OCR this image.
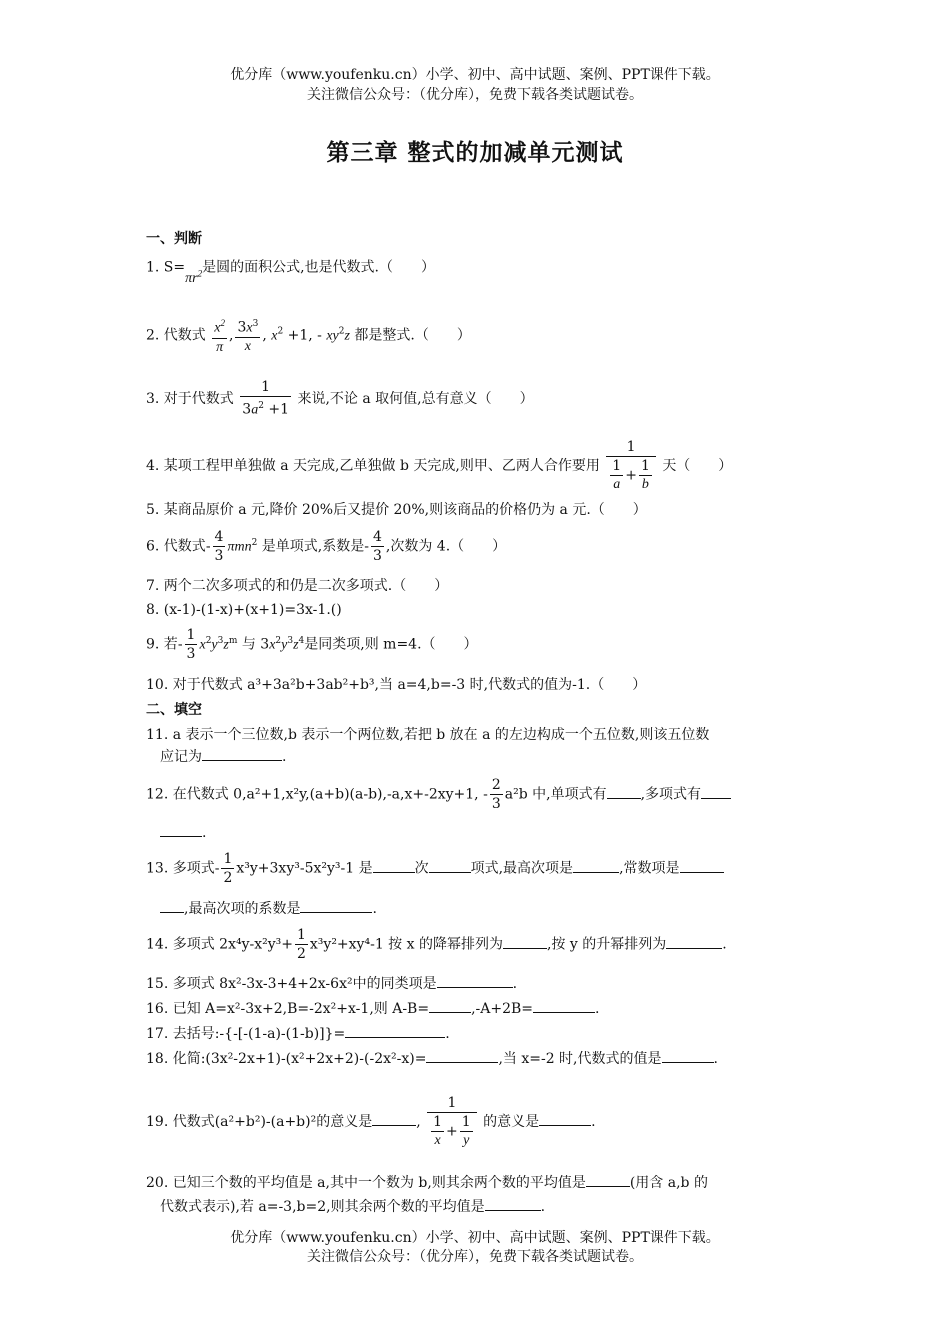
优分库（www.youfenku.cn）小学、初中、高中试题、案例、PPT课件下载。
关注微信公众号：（优分库），免费下载各类试题试卷。
第三章 整式的加减单元测试
一、判断
1. $S=\pi r^2$是圆的面积公式,也是代数式.（　　）
2. 代数式 $\frac{x^2}{\pi}$ , $\frac{3x^3}{x}$ , $x^2 +1$, - $xy^2z$ 都是整式.（　　）
3. 对于代数式 $\frac{1}{3a^2 +1}$ 来说,不论 a 取何值,总有意义（　　）
4. 某项工程甲单独做 a 天完成,乙单独做 b 天完成,则甲、乙两人合作要用 $\frac{1}{\frac{1}{a} + \frac{1}{b}}$ 天（　　）
5. 某商品原价 a 元,降价 20%后又提价 20%,则该商品的价格仍为 a 元.（　　）
6. 代数式- $\frac{4}{3} \pi mn^2$ 是单项式,系数是- $\frac{4}{3}$ ,次数为 4.（　　）
7. 两个二次多项式的和仍是二次多项式.（　　）
8. (x-1)-(1-x)+(x+1)=3x-1.()
9. 若- $\frac{1}{3} x^2y^3z^m$ 与 $3x^2y^3z^4$是同类项,则 m=4.（　　）
10. 对于代数式 a³+3a²b+3ab²+b³,当 a=4,b=-3 时,代数式的值为-1.（　　）
二、填空
11. a 表示一个三位数,b 表示一个两位数,若把 b 放在 a 的左边构成一个五位数,则该五位数
应记为	.
12. 在代数式 0,a²+1,x²y,(a+b)(a-b),-a,x+-2xy+1, - $\frac{2}{3} a^2b$ 中,单项式有 ,多项式有
.
13. 多项式- $\frac{1}{2} x^3y+3xy^3-5x^2y^3-1$ 是	次	项式,最高次项是	,常数项是
,最高次项的系数是	.
14. 多项式 $2x^4y-x^2y^3+ \frac{1}{2} x^3y^2+xy^4-1$ 按 x 的降幂排列为	,按 y 的升幂排列为	.
15. 多项式 8x²-3x-3+4+2x-6x²中的同类项是	.
16. 已知 A=x²-3x+2,B=-2x²+x-1,则 A-B=	,-A+2B=	.
17. 去括号:-{-[-(1-a)-(1-b)]}=	.
18. 化简:(3x²-2x+1)-(x²+2x+2)-(-2x²-x)=	,当 x=-2 时,代数式的值是	.
19. 代数式(a²+b²)-(a+b)²的意义是	, $\frac{1}{\frac{1}{x} + \frac{1}{y}}$ 的意义是	.
20. 已知三个数的平均值是 a,其中一个数为 b,则其余两个数的平均值是	(用含 a,b 的
代数式表示),若 a=-3,b=2,则其余两个数的平均值是	.
优分库（www.youfenku.cn）小学、初中、高中试题、案例、PPT课件下载。
关注微信公众号：（优分库），免费下载各类试题试卷。
